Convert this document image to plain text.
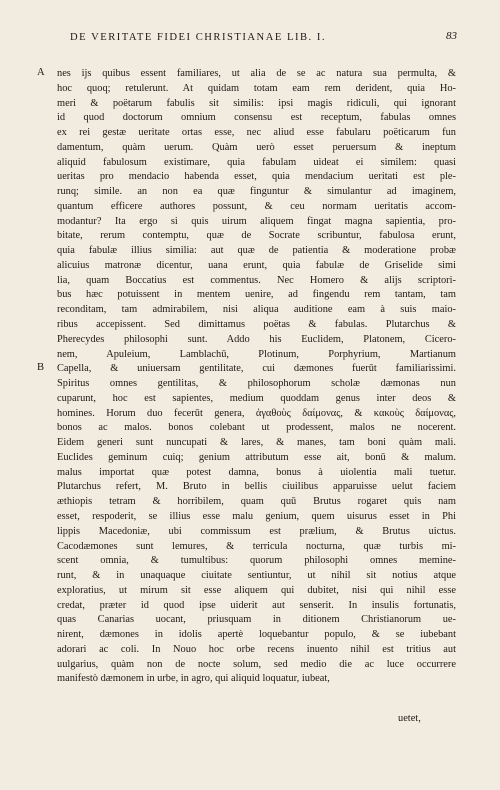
DE VERITATE FIDEI CHRISTIANAE LIB. I.	83
A
B
nes ijs quibus essent familiares, ut alia de se ac natura sua permulta, &
hoc quoq; retulerunt. At quidam totam eam rem derident, quia Ho-
meri & poëtarum fabulis sit similis: ipsi magis ridiculi, qui ignorant
id quod doctorum omnium consensu est receptum, fabulas omnes
ex rei gestæ ueritate ortas esse, nec aliud esse fabularu poëticarum fun
damentum, quàm uerum. Quàm uerò esset peruersum & ineptum
aliquid fabulosum existimare, quia fabulam uideat ei similem: quasi
ueritas pro mendacio habenda esset, quia mendacium ueritati est ple-
runq; simile. an non ea quæ finguntur & simulantur ad imaginem,
quantum efficere authores possunt, & ceu normam ueritatis accom-
modantur? Ita ergo si quis uirum aliquem fingat magna sapientia, pro-
bitate, rerum contemptu, quæ de Socrate scribuntur, fabulosa erunt,
quia fabulæ illius similia: aut quæ de patientia & moderatione probæ
alicuius matronæ dicentur, uana erunt, quia fabulæ de Griselide simi
lia, quam Boccatius est commentus. Nec Homero & alijs scriptori-
bus hæc potuissent in mentem uenire, ad fingendu rem tantam, tam
reconditam, tam admirabilem, nisi aliqua auditione eam à suis maio-
ribus accepissent. Sed dimittamus poëtas & fabulas. Plutarchus &
Pherecydes philosophi sunt. Addo his Euclidem, Platonem, Cicero-
nem, Apuleium, Lamblachū, Plotinum, Porphyrium, Martianum
Capella, & uniuersam gentilitate, cui dæmones fuerūt familiarissimi.
Spiritus omnes gentilitas, & philosophorum scholæ dæmonas nun
cuparunt, hoc est sapientes, medium quoddam genus inter deos &
homines. Horum duo fecerūt genera, ἀγαθοὺς δαίμονας, & κακοὺς δαίμονας,
bonos ac malos. bonos colebant ut prodessent, malos ne nocerent.
Eidem generi sunt nuncupati & lares, & manes, tam boni quàm mali.
Euclides geminum cuiq; genium attributum esse ait, bonū & malum.
malus importat quæ potest damna, bonus à uiolentia mali tuetur.
Plutarchus refert, M. Bruto in bellis ciuilibus apparuisse uelut faciem
æthiopis tetram & horribilem, quam quū Brutus rogaret quis nam
esset, respoderit, se illius esse malu genium, quem uisurus esset in Phi
lippis Macedoniæ, ubi commissum est prælium, & Brutus uictus.
Cacodæmones sunt lemures, & terricula nocturna, quæ turbis mi-
scent omnia, & tumultibus: quorum philosophi omnes memine-
runt, & in unaquaque ciuitate sentiuntur, ut nihil sit notius atque
exploratius, ut mirum sit esse aliquem qui dubitet, nisi qui nihil esse
credat, præter id quod ipse uiderit aut senserit. In insulis fortunatis,
quas Canarias uocant, priusquam in ditionem Christianorum ue-
nirent, dæmones in idolis apertè loquebantur populo, & se iubebant
adorari ac coli. In Nouo hoc orbe recens inuento nihil est tritius aut
uulgarius, quàm non de nocte solum, sed medio die ac luce occurrere
manifestò dæmonem in urbe, in agro, qui aliquid loquatur, iubeat,
uetet,
